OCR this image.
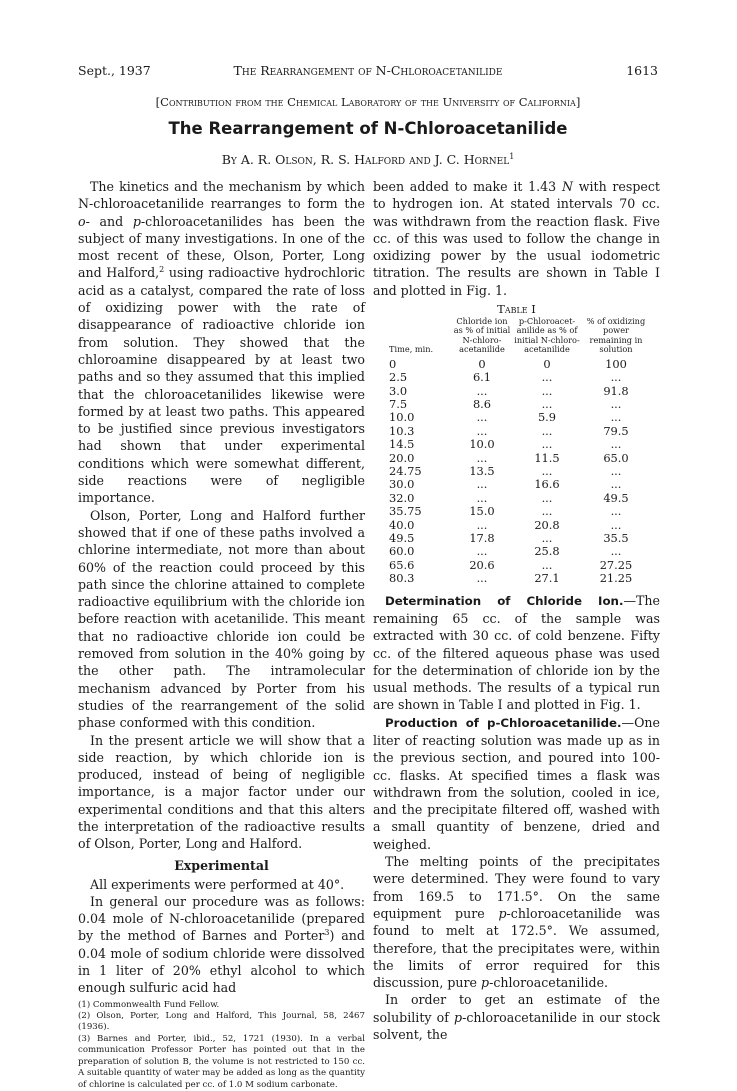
Sept., 1937	The Rearrangement of N-Chloroacetanilide	1613
[Contribution from the Chemical Laboratory of the University of California]
The Rearrangement of N-Chloroacetanilide
By A. R. Olson, R. S. Halford and J. C. Hornel$^1$

The kinetics and the mechanism by which N-chloroacetanilide rearranges to form the o- and p-chloroacetanilides has been the subject of many investigations. In one of the most recent of these, Olson, Porter, Long and Halford,$^2$ using radioactive hydrochloric acid as a catalyst, compared the rate of loss of oxidizing power with the rate of disappearance of radioactive chloride ion from solution. They showed that the chloroamine disappeared by at least two paths and so they assumed that this implied that the chloroacetanilides likewise were formed by at least two paths. This appeared to be justified since previous investigators had shown that under experimental conditions which were somewhat different, side reactions were of negligible importance.

Olson, Porter, Long and Halford further showed that if one of these paths involved a chlorine intermediate, not more than about 60% of the reaction could proceed by this path since the chlorine attained to complete radioactive equilibrium with the chloride ion before reaction with acetanilide. This meant that no radioactive chloride ion could be removed from solution in the 40% going by the other path. The intramolecular mechanism advanced by Porter from his studies of the rearrangement of the solid phase conformed with this condition.

In the present article we will show that a side reaction, by which chloride ion is produced, instead of being of negligible importance, is a major factor under our experimental conditions and that this alters the interpretation of the radioactive results of Olson, Porter, Long and Halford.

Experimental

All experiments were performed at 40°.

In general our procedure was as follows: 0.04 mole of N-chloroacetanilide (prepared by the method of Barnes and Porter$^3$) and 0.04 mole of sodium chloride were dissolved in 1 liter of 20% ethyl alcohol to which enough sulfuric acid had

(1) Commonwealth Fund Fellow.
(2) Olson, Porter, Long and Halford, This Journal, 58, 2467 (1936).
(3) Barnes and Porter, ibid., 52, 1721 (1930). In a verbal communication Professor Porter has pointed out that in the preparation of solution B, the volume is not restricted to 150 cc. A suitable quantity of water may be added as long as the quantity of chlorine is calculated per cc. of 1.0 M sodium carbonate.

been added to make it 1.43 N with respect to hydrogen ion. At stated intervals 70 cc. was withdrawn from the reaction flask. Five cc. of this was used to follow the change in oxidizing power by the usual iodometric titration. The results are shown in Table I and plotted in Fig. 1.

Table I
Time, min.	Chloride ion as % of initial N-chloro-acetanilide	p-Chloroacet-anilide as % of initial N-chloro-acetanilide	% of oxidizing power remaining in solution
0	0	0	100
2.5	6.1	...	...
3.0	...	...	91.8
7.5	8.6	...	...
10.0	...	5.9	...
10.3	...	...	79.5
14.5	10.0	...	...
20.0	...	11.5	65.0
24.75	13.5	...	...
30.0	...	16.6	...
32.0	...	...	49.5
35.75	15.0	...	...
40.0	...	20.8	...
49.5	17.8	...	35.5
60.0	...	25.8	...
65.6	20.6	...	27.25
80.3	...	27.1	21.25

Determination of Chloride Ion.—The remaining 65 cc. of the sample was extracted with 30 cc. of cold benzene. Fifty cc. of the filtered aqueous phase was used for the determination of chloride ion by the usual methods. The results of a typical run are shown in Table I and plotted in Fig. 1.

Production of p-Chloroacetanilide.—One liter of reacting solution was made up as in the previous section, and poured into 100-cc. flasks. At specified times a flask was withdrawn from the solution, cooled in ice, and the precipitate filtered off, washed with a small quantity of benzene, dried and weighed.

The melting points of the precipitates were determined. They were found to vary from 169.5 to 171.5°. On the same equipment pure p-chloroacetanilide was found to melt at 172.5°. We assumed, therefore, that the precipitates were, within the limits of error required for this discussion, pure p-chloroacetanilide.

In order to get an estimate of the solubility of p-chloroacetanilide in our stock solvent, the
